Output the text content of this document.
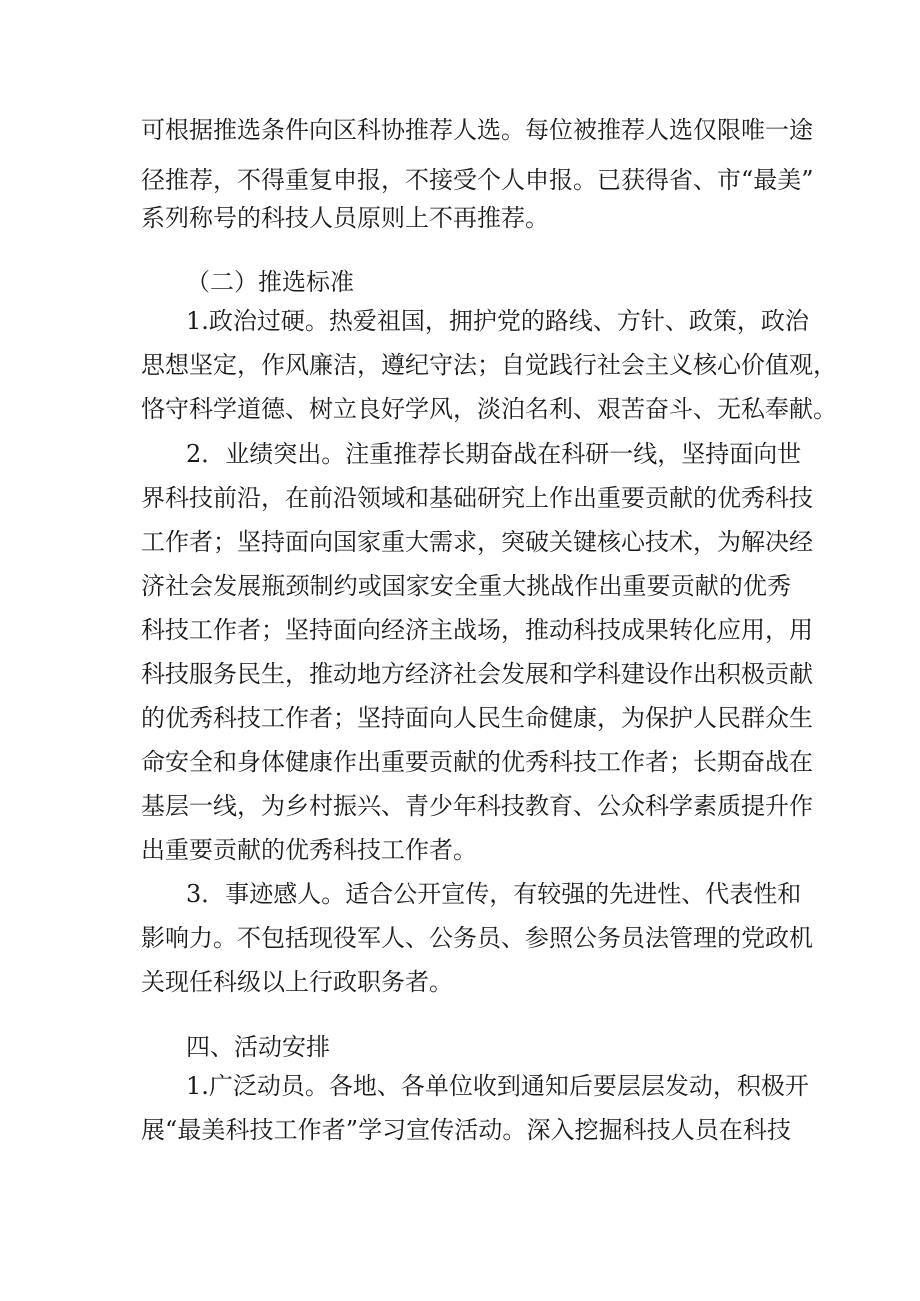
可根据推选条件向区科协推荐人选。每位被推荐人选仅限唯一途
径推荐，不得重复申报，不接受个人申报。已获得省、市“最美”
系列称号的科技人员原则上不再推荐。
（二）推选标准
1.政治过硬。热爱祖国，拥护党的路线、方针、政策，政治
思想坚定，作风廉洁，遵纪守法；自觉践行社会主义核心价值观，
恪守科学道德、树立良好学风，淡泊名利、艰苦奋斗、无私奉献。
2．业绩突出。注重推荐长期奋战在科研一线，坚持面向世
界科技前沿，在前沿领域和基础研究上作出重要贡献的优秀科技
工作者；坚持面向国家重大需求，突破关键核心技术，为解决经
济社会发展瓶颈制约或国家安全重大挑战作出重要贡献的优秀
科技工作者；坚持面向经济主战场，推动科技成果转化应用，用
科技服务民生，推动地方经济社会发展和学科建设作出积极贡献
的优秀科技工作者；坚持面向人民生命健康，为保护人民群众生
命安全和身体健康作出重要贡献的优秀科技工作者；长期奋战在
基层一线，为乡村振兴、青少年科技教育、公众科学素质提升作
出重要贡献的优秀科技工作者。
3．事迹感人。适合公开宣传，有较强的先进性、代表性和
影响力。不包括现役军人、公务员、参照公务员法管理的党政机
关现任科级以上行政职务者。
四、活动安排
1.广泛动员。各地、各单位收到通知后要层层发动，积极开
展“最美科技工作者”学习宣传活动。深入挖掘科技人员在科技
